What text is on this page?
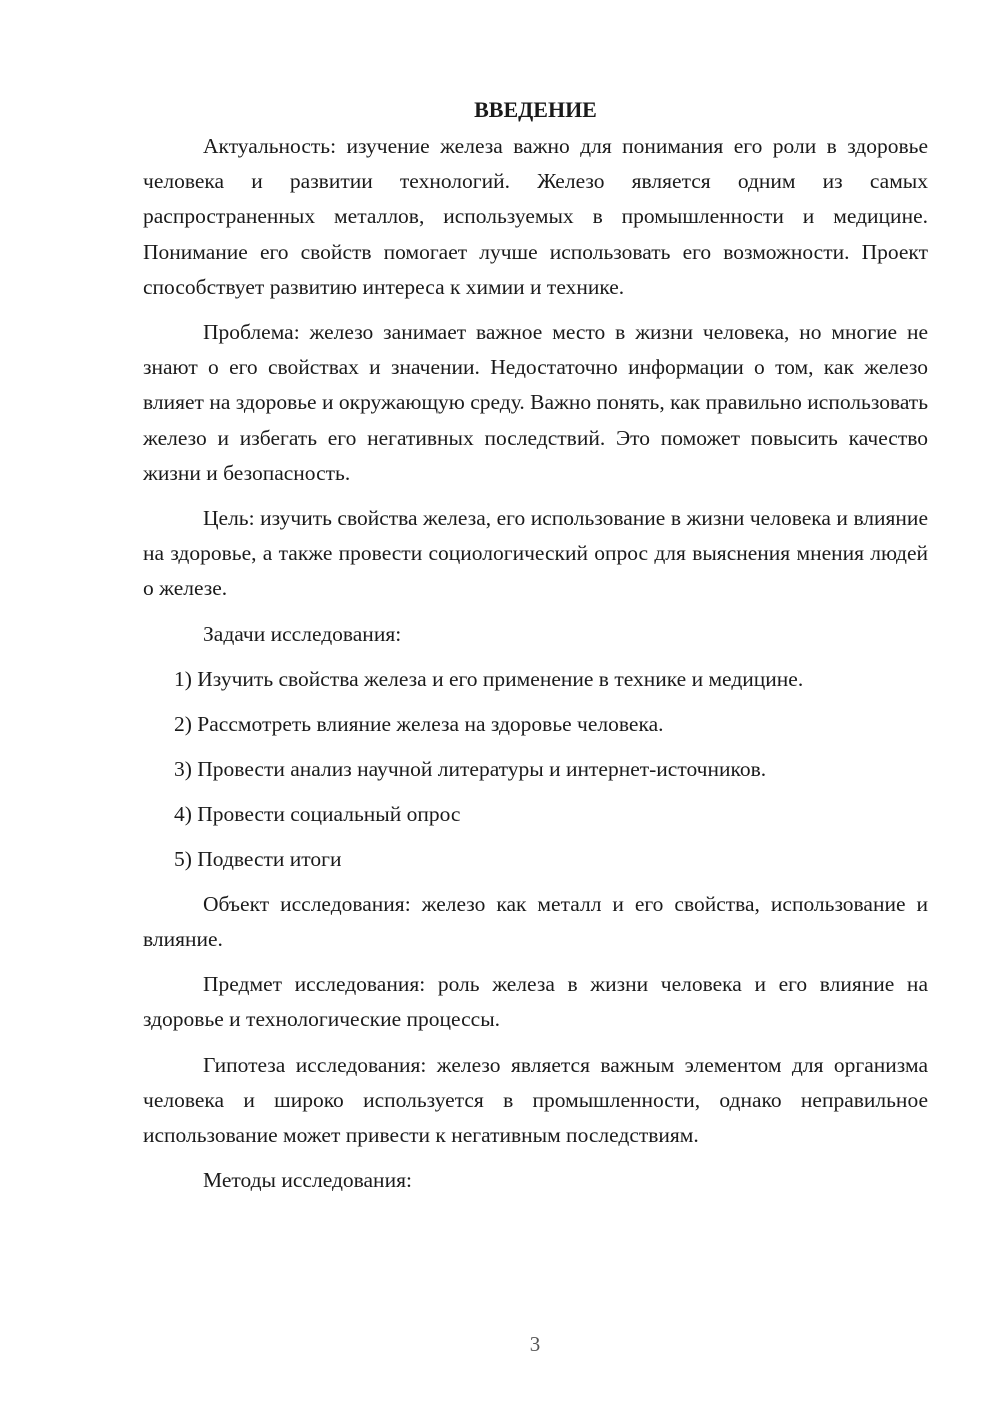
ВВЕДЕНИЕ

Актуальность: изучение железа важно для понимания его роли в здоровье человека и развитии технологий. Железо является одним из самых распространенных металлов, используемых в промышленности и медицине. Понимание его свойств помогает лучше использовать его возможности. Проект способствует развитию интереса к химии и технике.

Проблема: железо занимает важное место в жизни человека, но многие не знают о его свойствах и значении. Недостаточно информации о том, как железо влияет на здоровье и окружающую среду. Важно понять, как правильно использовать железо и избегать его негативных последствий. Это поможет повысить качество жизни и безопасность.

Цель: изучить свойства железа, его использование в жизни человека и влияние на здоровье, а также провести социологический опрос для выяснения мнения людей о железе.

Задачи исследования:

1) Изучить свойства железа и его применение в технике и медицине.
2) Рассмотреть влияние железа на здоровье человека.
3) Провести анализ научной литературы и интернет-источников.
4) Провести социальный опрос
5) Подвести итоги

Объект исследования: железо как металл и его свойства, использование и влияние.

Предмет исследования: роль железа в жизни человека и его влияние на здоровье и технологические процессы.

Гипотеза исследования: железо является важным элементом для организма человека и широко используется в промышленности, однако неправильное использование может привести к негативным последствиям.

Методы исследования:

3
